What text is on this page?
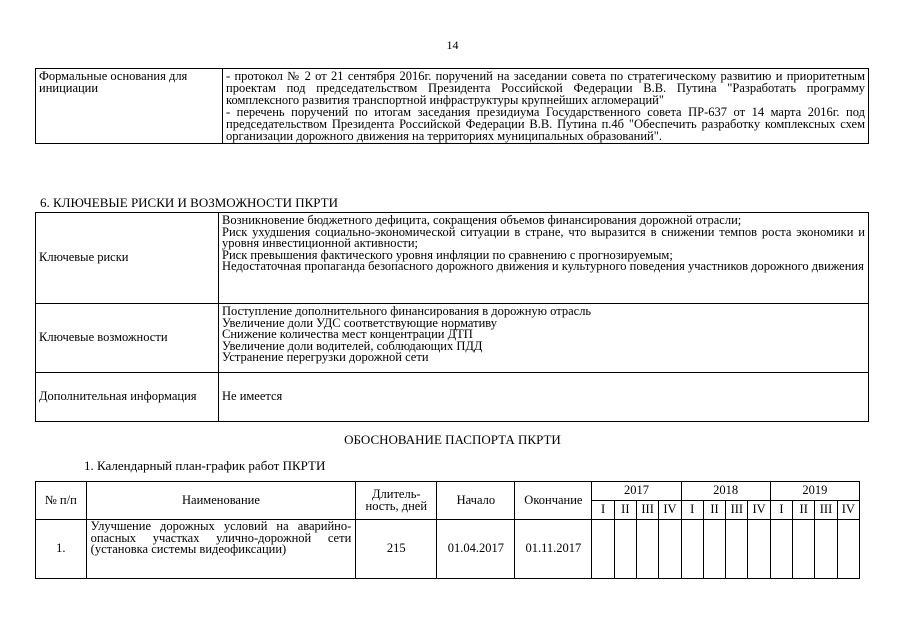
14
Формальные основания для инициации	- протокол № 2 от 21 сентября 2016г. поручений на заседании совета по стратегическому развитию и приоритетным проектам под председательством Президента Российской Федерации В.В. Путина "Разработать программу комплексного развития транспортной инфраструктуры крупнейших агломераций"
- перечень поручений по итогам заседания президиума Государственного совета ПР-637 от 14 марта 2016г. под председательством Президента Российской Федерации В.В. Путина п.4б "Обеспечить разработку комплексных схем организации дорожного движения на территориях муниципальных образований".
6. КЛЮЧЕВЫЕ РИСКИ И ВОЗМОЖНОСТИ ПКРТИ
Ключевые риски	Возникновение бюджетного дефицита, сокращения объемов финансирования дорожной отрасли;
Риск ухудшения социально-экономической ситуации в стране, что выразится в снижении темпов роста экономики и уровня инвестиционной активности;
Риск превышения фактического уровня инфляции по сравнению с прогнозируемым;
Недостаточная пропаганда безопасного дорожного движения и культурного поведения участников дорожного движения
Ключевые возможности	Поступление дополнительного финансирования в дорожную отрасль
Увеличение доли УДС соответствующие нормативу
Снижение количества мест концентрации ДТП
Увеличение доли водителей, соблюдающих ПДД
Устранение перегрузки дорожной сети
Дополнительная информация	Не имеется
ОБОСНОВАНИЕ ПАСПОРТА ПКРТИ
1. Календарный план-график работ ПКРТИ
№ п/п	Наименование	Длитель-ность, дней	Начало	Окончание	2017				2018				2019			
					I	II	III	IV	I	II	III	IV	I	II	III	IV
1.	Улучшение дорожных условий на аварийно-опасных участках улично-дорожной сети (установка системы видеофиксации)	215	01.04.2017	01.11.2017												
